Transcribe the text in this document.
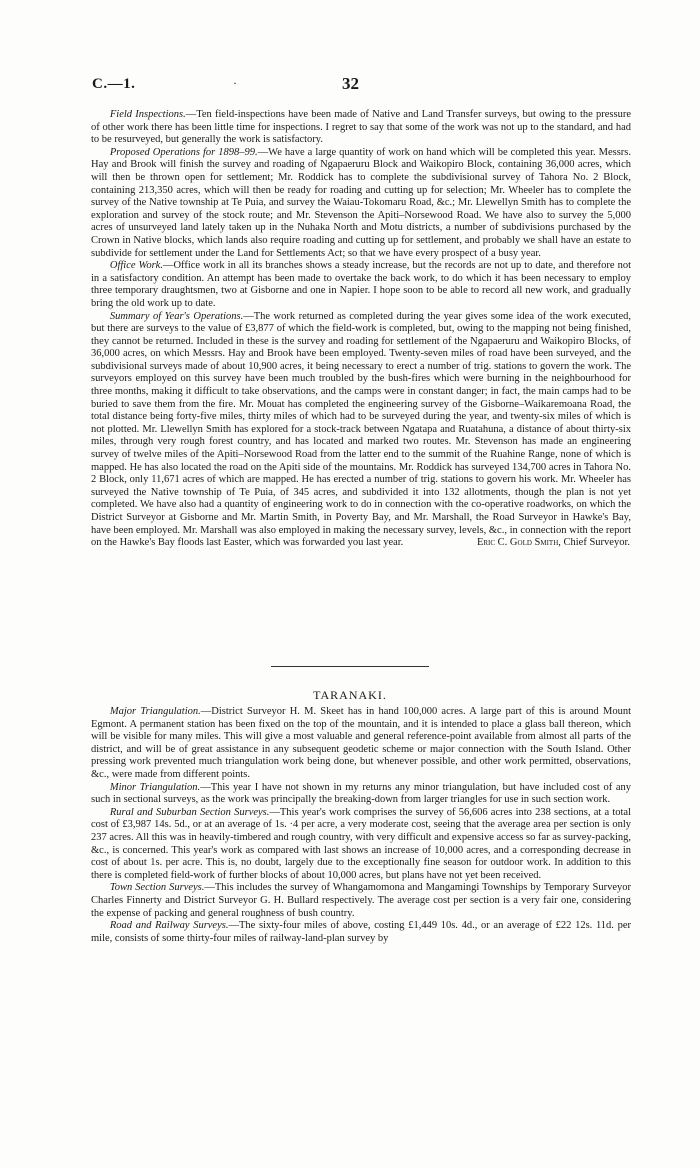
C.—1.	·	32

Field Inspections.—Ten field-inspections have been made of Native and Land Transfer surveys, but owing to the pressure of other work there has been little time for inspections. I regret to say that some of the work was not up to the standard, and had to be resurveyed, but generally the work is satisfactory.

Proposed Operations for 1898–99.—We have a large quantity of work on hand which will be completed this year. Messrs. Hay and Brook will finish the survey and roading of Ngapaeruru Block and Waikopiro Block, containing 36,000 acres, which will then be thrown open for settlement; Mr. Roddick has to complete the subdivisional survey of Tahora No. 2 Block, containing 213,350 acres, which will then be ready for roading and cutting up for selection; Mr. Wheeler has to complete the survey of the Native township at Te Puia, and survey the Waiau-Tokomaru Road, &c.; Mr. Llewellyn Smith has to complete the exploration and survey of the stock route; and Mr. Stevenson the Apiti–Norsewood Road. We have also to survey the 5,000 acres of unsurveyed land lately taken up in the Nuhaka North and Motu districts, a number of subdivisions purchased by the Crown in Native blocks, which lands also require roading and cutting up for settlement, and probably we shall have an estate to subdivide for settlement under the Land for Settlements Act; so that we have every prospect of a busy year.

Office Work.—Office work in all its branches shows a steady increase, but the records are not up to date, and therefore not in a satisfactory condition. An attempt has been made to overtake the back work, to do which it has been necessary to employ three temporary draughtsmen, two at Gisborne and one in Napier. I hope soon to be able to record all new work, and gradually bring the old work up to date.

Summary of Year's Operations.—The work returned as completed during the year gives some idea of the work executed, but there are surveys to the value of £3,877 of which the field-work is completed, but, owing to the mapping not being finished, they cannot be returned. Included in these is the survey and roading for settlement of the Ngapaeruru and Waikopiro Blocks, of 36,000 acres, on which Messrs. Hay and Brook have been employed. Twenty-seven miles of road have been surveyed, and the subdivisional surveys made of about 10,900 acres, it being necessary to erect a number of trig. stations to govern the work. The surveyors employed on this survey have been much troubled by the bush-fires which were burning in the neighbourhood for three months, making it difficult to take observations, and the camps were in constant danger; in fact, the main camps had to be buried to save them from the fire. Mr. Mouat has completed the engineering survey of the Gisborne–Waikaremoana Road, the total distance being forty-five miles, thirty miles of which had to be surveyed during the year, and twenty-six miles of which is not plotted. Mr. Llewellyn Smith has explored for a stock-track between Ngatapa and Ruatahuna, a distance of about thirty-six miles, through very rough forest country, and has located and marked two routes. Mr. Stevenson has made an engineering survey of twelve miles of the Apiti–Norsewood Road from the latter end to the summit of the Ruahine Range, none of which is mapped. He has also located the road on the Apiti side of the mountains. Mr. Roddick has surveyed 134,700 acres in Tahora No. 2 Block, only 11,671 acres of which are mapped. He has erected a number of trig. stations to govern his work. Mr. Wheeler has surveyed the Native township of Te Puia, of 345 acres, and subdivided it into 132 allotments, though the plan is not yet completed. We have also had a quantity of engineering work to do in connection with the co-operative roadworks, on which the District Surveyor at Gisborne and Mr. Martin Smith, in Poverty Bay, and Mr. Marshall, the Road Surveyor in Hawke's Bay, have been employed. Mr. Marshall was also employed in making the necessary survey, levels, &c., in connection with the report on the Hawke's Bay floods last Easter, which was forwarded you last year.	Eric C. Gold Smith, Chief Surveyor.

TARANAKI.

Major Triangulation.—District Surveyor H. M. Skeet has in hand 100,000 acres. A large part of this is around Mount Egmont. A permanent station has been fixed on the top of the mountain, and it is intended to place a glass ball thereon, which will be visible for many miles. This will give a most valuable and general reference-point available from almost all parts of the district, and will be of great assistance in any subsequent geodetic scheme or major connection with the South Island. Other pressing work prevented much triangulation work being done, but whenever possible, and other work permitted, observations, &c., were made from different points.

Minor Triangulation.—This year I have not shown in my returns any minor triangulation, but have included cost of any such in sectional surveys, as the work was principally the breaking-down from larger triangles for use in such section work.

Rural and Suburban Section Surveys.—This year's work comprises the survey of 56,606 acres into 238 sections, at a total cost of £3,987 14s. 5d., or at an average of 1s. ·4 per acre, a very moderate cost, seeing that the average area per section is only 237 acres. All this was in heavily-timbered and rough country, with very difficult and expensive access so far as survey-packing, &c., is concerned. This year's work as compared with last shows an increase of 10,000 acres, and a corresponding decrease in cost of about 1s. per acre. This is, no doubt, largely due to the exceptionally fine season for outdoor work. In addition to this there is completed field-work of further blocks of about 10,000 acres, but plans have not yet been received.

Town Section Surveys.—This includes the survey of Whangamomona and Mangamingi Townships by Temporary Surveyor Charles Finnerty and District Surveyor G. H. Bullard respectively. The average cost per section is a very fair one, considering the expense of packing and general roughness of bush country.

Road and Railway Surveys.—The sixty-four miles of above, costing £1,449 10s. 4d., or an average of £22 12s. 11d. per mile, consists of some thirty-four miles of railway-land-plan survey by
